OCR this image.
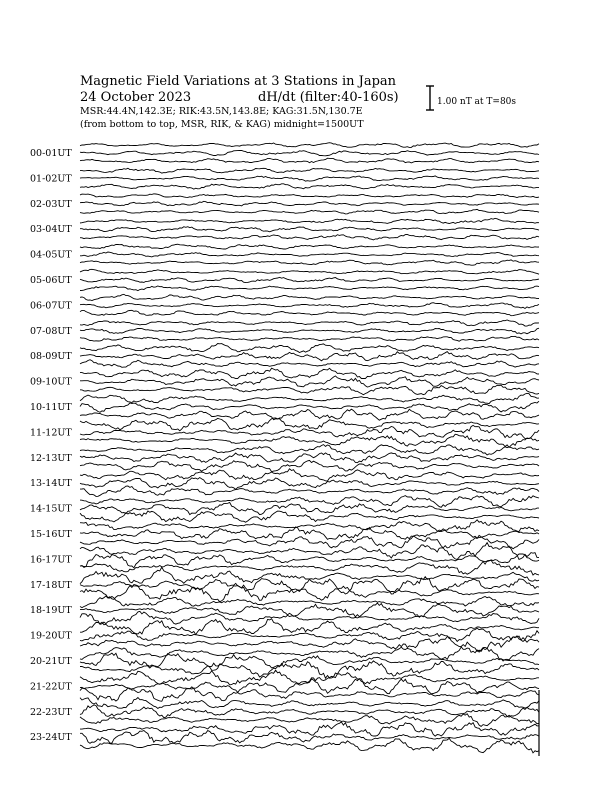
Magnetic Field Variations at 3 Stations in Japan
24 October 2023	dH/dt (filter:40-160s)
MSR:44.4N,142.3E; RIK:43.5N,143.8E; KAG:31.5N,130.7E
(from bottom to top, MSR, RIK, & KAG) midnight=1500UT
1.00 nT at T=80s
00-01UT
01-02UT
02-03UT
03-04UT
04-05UT
05-06UT
06-07UT
07-08UT
08-09UT
09-10UT
10-11UT
11-12UT
12-13UT
13-14UT
14-15UT
15-16UT
16-17UT
17-18UT
18-19UT
19-20UT
20-21UT
21-22UT
22-23UT
23-24UT
